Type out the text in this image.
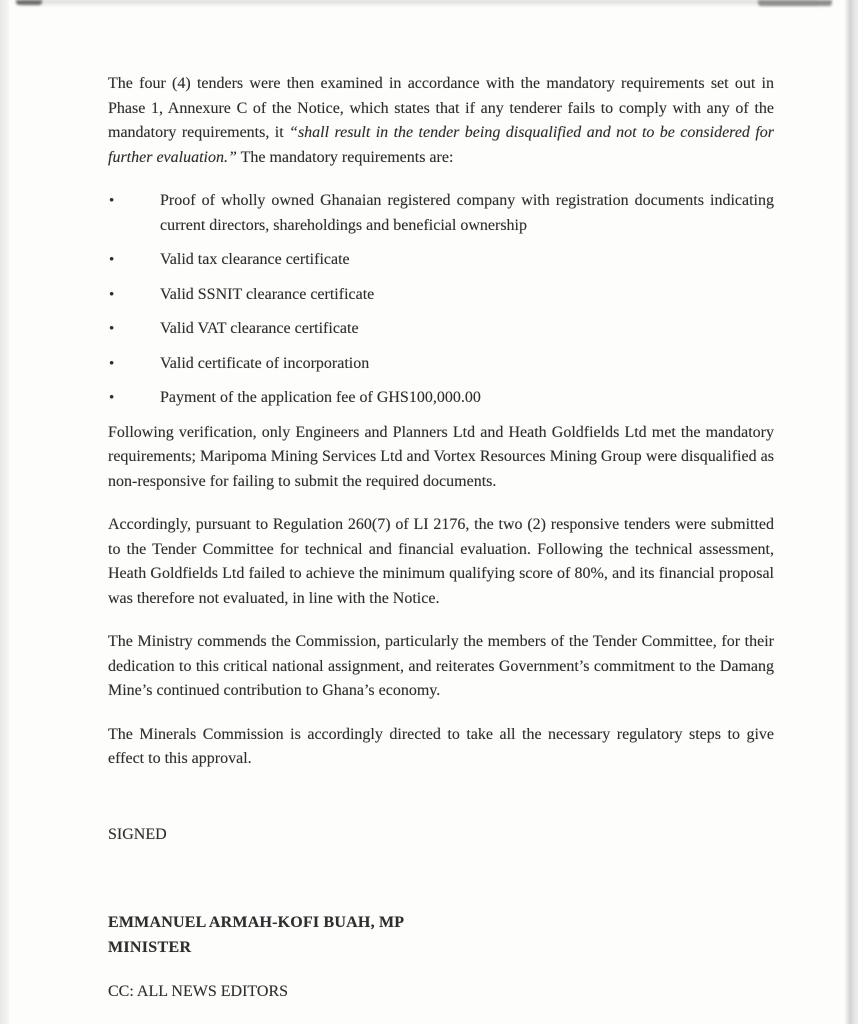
The four (4) tenders were then examined in accordance with the mandatory requirements set out in Phase 1, Annexure C of the Notice, which states that if any tenderer fails to comply with any of the mandatory requirements, it “shall result in the tender being disqualified and not to be considered for further evaluation.” The mandatory requirements are:

•	Proof of wholly owned Ghanaian registered company with registration documents indicating current directors, shareholdings and beneficial ownership
•	Valid tax clearance certificate
•	Valid SSNIT clearance certificate
•	Valid VAT clearance certificate
•	Valid certificate of incorporation
•	Payment of the application fee of GHS100,000.00

Following verification, only Engineers and Planners Ltd and Heath Goldfields Ltd met the mandatory requirements; Maripoma Mining Services Ltd and Vortex Resources Mining Group were disqualified as non-responsive for failing to submit the required documents.

Accordingly, pursuant to Regulation 260(7) of LI 2176, the two (2) responsive tenders were submitted to the Tender Committee for technical and financial evaluation. Following the technical assessment, Heath Goldfields Ltd failed to achieve the minimum qualifying score of 80%, and its financial proposal was therefore not evaluated, in line with the Notice.

The Ministry commends the Commission, particularly the members of the Tender Committee, for their dedication to this critical national assignment, and reiterates Government’s commitment to the Damang Mine’s continued contribution to Ghana’s economy.

The Minerals Commission is accordingly directed to take all the necessary regulatory steps to give effect to this approval.

SIGNED

EMMANUEL ARMAH-KOFI BUAH, MP

MINISTER

CC: ALL NEWS EDITORS
